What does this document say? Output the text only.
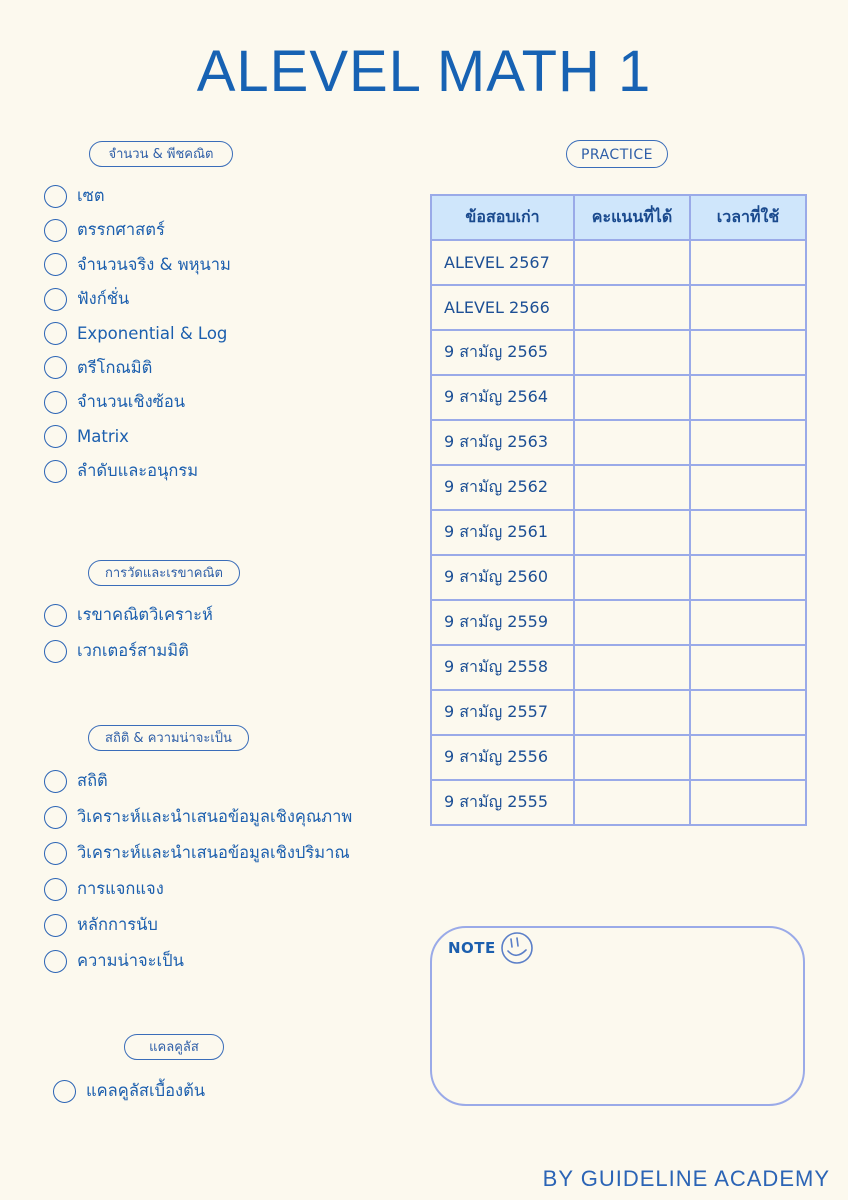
ALEVEL MATH 1
จำนวน & พีชคณิต
เซต
ตรรกศาสตร์
จำนวนจริง & พหุนาม
ฟังก์ชั่น
Exponential & Log
ตรีโกณมิติ
จำนวนเชิงซ้อน
Matrix
ลำดับและอนุกรม
การวัดและเรขาคณิต
เรขาคณิตวิเคราะห์
เวกเตอร์สามมิติ
สถิติ & ความน่าจะเป็น
สถิติ
วิเคราะห์และนำเสนอข้อมูลเชิงคุณภาพ
วิเคราะห์และนำเสนอข้อมูลเชิงปริมาณ
การแจกแจง
หลักการนับ
ความน่าจะเป็น
แคลคูลัส
แคลคูลัสเบื้องต้น
PRACTICE
ข้อสอบเก่า	คะแนนที่ได้	เวลาที่ใช้
ALEVEL 2567		
ALEVEL 2566		
9 สามัญ 2565		
9 สามัญ 2564		
9 สามัญ 2563		
9 สามัญ 2562		
9 สามัญ 2561		
9 สามัญ 2560		
9 สามัญ 2559		
9 สามัญ 2558		
9 สามัญ 2557		
9 สามัญ 2556		
9 สามัญ 2555		
NOTE
BY GUIDELINE ACADEMY
